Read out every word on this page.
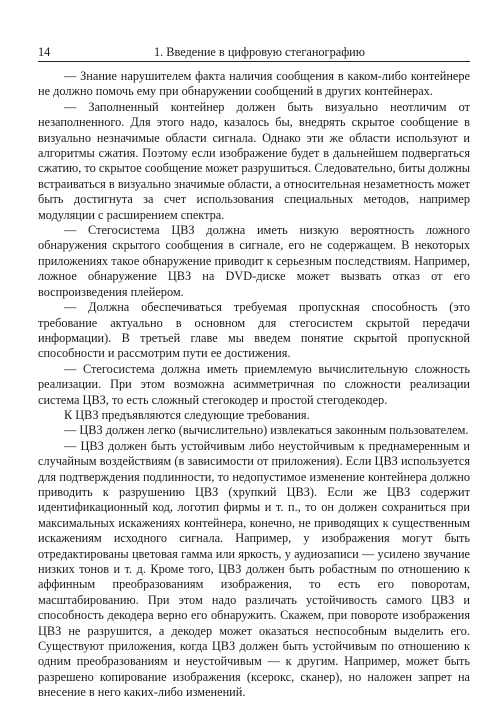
14	1. Введение в цифровую стеганографию

— Знание нарушителем факта наличия сообщения в каком-либо контейнере не должно помочь ему при обнаружении сообщений в других контейнерах.

— Заполненный контейнер должен быть визуально неотличим от незаполненного. Для этого надо, казалось бы, внедрять скрытое сообщение в визуально незначимые области сигнала. Однако эти же области используют и алгоритмы сжатия. Поэтому если изображение будет в дальнейшем подвергаться сжатию, то скрытое сообщение может разрушиться. Следовательно, биты должны встраиваться в визуально значимые области, а относительная незаметность может быть достигнута за счет использования специальных методов, например модуляции с расширением спектра.

— Стегосистема ЦВЗ должна иметь низкую вероятность ложного обнаружения скрытого сообщения в сигнале, его не содержащем. В некоторых приложениях такое обнаружение приводит к серьезным последствиям. Например, ложное обнаружение ЦВЗ на DVD-диске может вызвать отказ от его воспроизведения плейером.

— Должна обеспечиваться требуемая пропускная способность (это требование актуально в основном для стегосистем скрытой передачи информации). В третьей главе мы введем понятие скрытой пропускной способности и рассмотрим пути ее достижения.

— Стегосистема должна иметь приемлемую вычислительную сложность реализации. При этом возможна асимметричная по сложности реализации система ЦВЗ, то есть сложный стегокодер и простой стегодекодер.

К ЦВЗ предъявляются следующие требования.

— ЦВЗ должен легко (вычислительно) извлекаться законным пользователем.

— ЦВЗ должен быть устойчивым либо неустойчивым к преднамеренным и случайным воздействиям (в зависимости от приложения). Если ЦВЗ используется для подтверждения подлинности, то недопустимое изменение контейнера должно приводить к разрушению ЦВЗ (хрупкий ЦВЗ). Если же ЦВЗ содержит идентификационный код, логотип фирмы и т. п., то он должен сохраниться при максимальных искажениях контейнера, конечно, не приводящих к существенным искажениям исходного сигнала. Например, у изображения могут быть отредактированы цветовая гамма или яркость, у аудиозаписи — усилено звучание низких тонов и т. д. Кроме того, ЦВЗ должен быть робастным по отношению к аффинным преобразованиям изображения, то есть его поворотам, масштабированию. При этом надо различать устойчивость самого ЦВЗ и способность декодера верно его обнаружить. Скажем, при повороте изображения ЦВЗ не разрушится, а декодер может оказаться неспособным выделить его. Существуют приложения, когда ЦВЗ должен быть устойчивым по отношению к одним преобразованиям и неустойчивым — к другим. Например, может быть разрешено копирование изображения (ксерокс, сканер), но наложен запрет на внесение в него каких-либо изменений.
